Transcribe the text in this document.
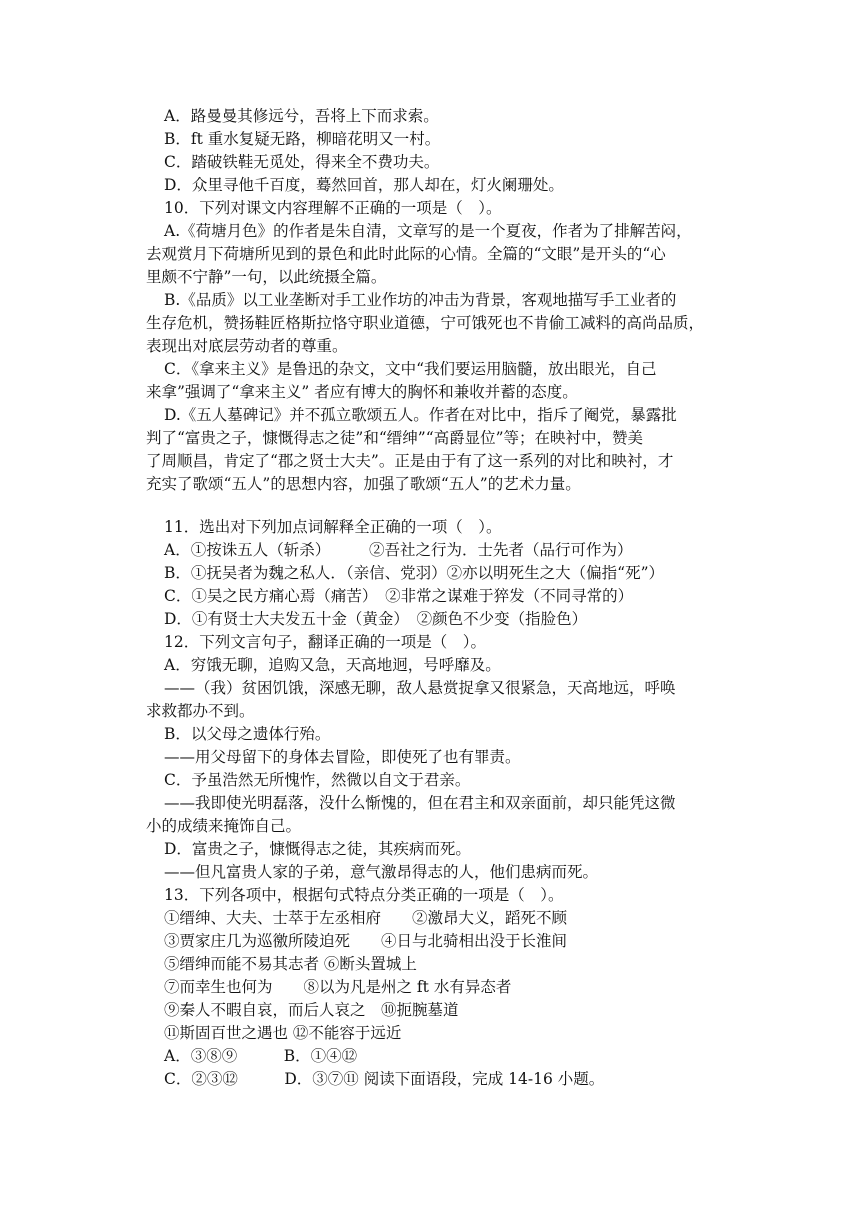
A．路曼曼其修远兮，吾将上下而求索。
B．ft 重水复疑无路，柳暗花明又一村。
C．踏破铁鞋无觅处，得来全不费功夫。
D．众里寻他千百度，蓦然回首，那人却在，灯火阑珊处。
10．下列对课文内容理解不正确的一项是（　）。
A.《荷塘月色》的作者是朱自清，文章写的是一个夏夜，作者为了排解苦闷，
去观赏月下荷塘所见到的景色和此时此际的心情。全篇的“文眼”是开头的“心
里颇不宁静”一句，以此统摄全篇。
B.《品质》以工业垄断对手工业作坊的冲击为背景，客观地描写手工业者的
生存危机，赞扬鞋匠格斯拉恪守职业道德，宁可饿死也不肯偷工减料的高尚品质，
表现出对底层劳动者的尊重。
C．《拿来主义》是鲁迅的杂文，文中“我们要运用脑髓，放出眼光，自己
来拿”强调了“拿来主义” 者应有博大的胸怀和兼收并蓄的态度。
D.《五人墓碑记》并不孤立歌颂五人。作者在对比中，指斥了阉党，暴露批
判了“富贵之子，慷慨得志之徒”和“缙绅”“高爵显位”等；在映衬中，赞美
了周顺昌，肯定了“郡之贤士大夫”。正是由于有了这一系列的对比和映衬，才
充实了歌颂“五人”的思想内容，加强了歌颂“五人”的艺术力量。
11．选出对下列加点词解释全正确的一项（　）。
A．①按诛五人（斩杀）　　　②吾社之行为．士先者（品行可作为）
B．①抚吴者为魏之私人．（亲信、党羽）②亦以明死生之大（偏指“死”）
C．①吴之民方痛心焉（痛苦）　②非常之谋难于猝发（不同寻常的）
D．①有贤士大夫发五十金（黄金）　②颜色不少变（指脸色）
12．下列文言句子，翻译正确的一项是（　）。
A．穷饿无聊，追购又急，天高地迥，号呼靡及。
——（我）贫困饥饿，深感无聊，敌人悬赏捉拿又很紧急，天高地远，呼唤
求救都办不到。
B．以父母之遗体行殆。
——用父母留下的身体去冒险，即使死了也有罪责。
C．予虽浩然无所愧怍，然微以自文于君亲。
——我即使光明磊落，没什么惭愧的，但在君主和双亲面前，却只能凭这微
小的成绩来掩饰自己。
D．富贵之子，慷慨得志之徒，其疾病而死。
——但凡富贵人家的子弟，意气激昂得志的人，他们患病而死。
13．下列各项中，根据句式特点分类正确的一项是（　）。
①缙绅、大夫、士萃于左丞相府　　②激昂大义，蹈死不顾
③贾家庄几为巡徼所陵迫死　　④日与北骑相出没于长淮间
⑤缙绅而能不易其志者 ⑥断头置城上
⑦而幸生也何为　　⑧以为凡是州之 ft 水有异态者
⑨秦人不暇自哀，而后人哀之　⑩扼腕墓道
⑪斯固百世之遇也 ⑫不能容于远近
A．③⑧⑨　　　B．①④⑫
C．②③⑫　　　D．③⑦⑪ 阅读下面语段，完成 14-16 小题。
